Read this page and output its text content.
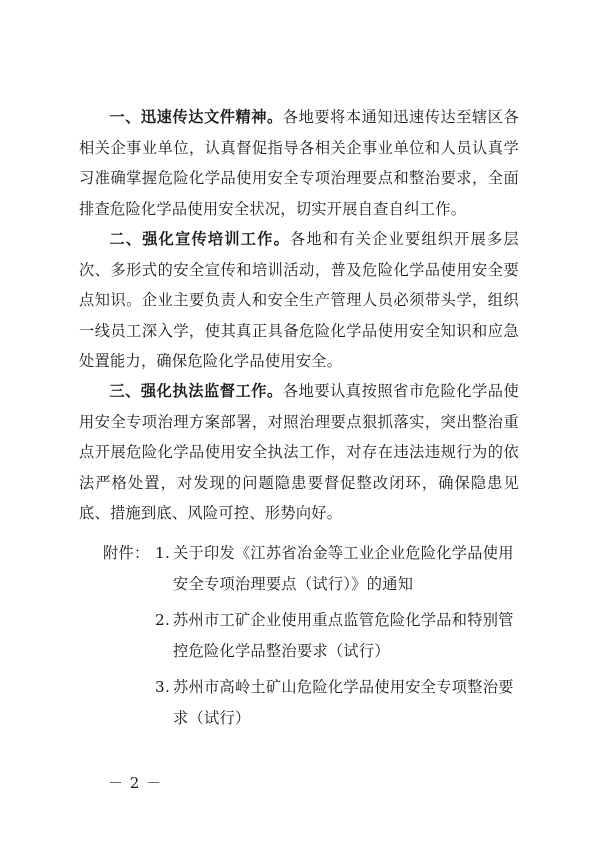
一、迅速传达文件精神。各地要将本通知迅速传达至辖区各相关企事业单位，认真督促指导各相关企事业单位和人员认真学习准确掌握危险化学品使用安全专项治理要点和整治要求，全面排查危险化学品使用安全状况，切实开展自查自纠工作。

二、强化宣传培训工作。各地和有关企业要组织开展多层次、多形式的安全宣传和培训活动，普及危险化学品使用安全要点知识。企业主要负责人和安全生产管理人员必须带头学，组织一线员工深入学，使其真正具备危险化学品使用安全知识和应急处置能力，确保危险化学品使用安全。

三、强化执法监督工作。各地要认真按照省市危险化学品使用安全专项治理方案部署，对照治理要点狠抓落实，突出整治重点开展危险化学品使用安全执法工作，对存在违法违规行为的依法严格处置，对发现的问题隐患要督促整改闭环，确保隐患见底、措施到底、风险可控、形势向好。

附件： 1. 关于印发《江苏省冶金等工业企业危险化学品使用安全专项治理要点（试行）》的通知
2. 苏州市工矿企业使用重点监管危险化学品和特别管控危险化学品整治要求（试行）
3. 苏州市高岭土矿山危险化学品使用安全专项整治要求（试行）
－ 2 －
